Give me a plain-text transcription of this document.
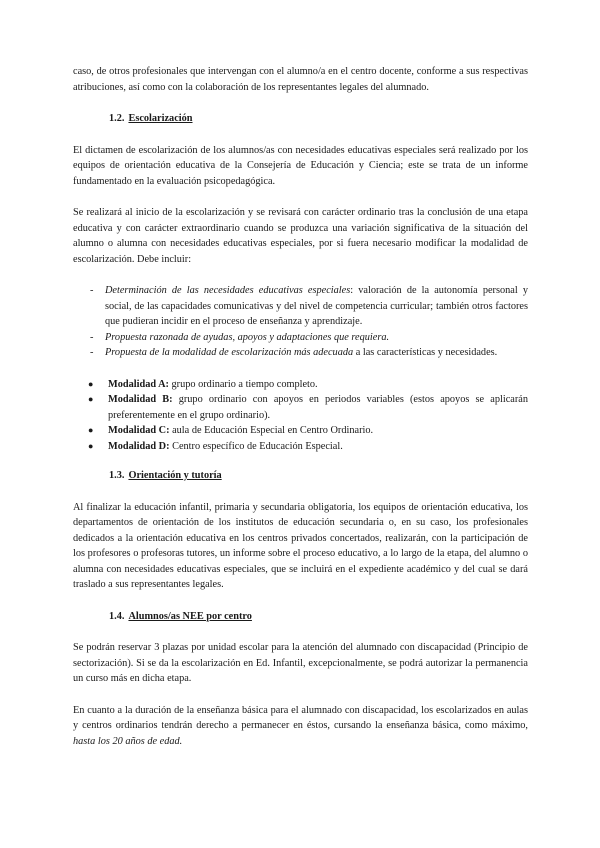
caso, de otros profesionales que intervengan con el alumno/a en el centro docente, conforme a sus respectivas atribuciones, así como con la colaboración de los representantes legales del alumnado.

1.2. Escolarización

El dictamen de escolarización de los alumnos/as con necesidades educativas especiales será realizado por los equipos de orientación educativa de la Consejería de Educación y Ciencia; este se trata de un informe fundamentado en la evaluación psicopedagógica.

Se realizará al inicio de la escolarización y se revisará con carácter ordinario tras la conclusión de una etapa educativa y con carácter extraordinario cuando se produzca una variación significativa de la situación del alumno o alumna con necesidades educativas especiales, por si fuera necesario modificar la modalidad de escolarización. Debe incluir:

- Determinación de las necesidades educativas especiales: valoración de la autonomía personal y social, de las capacidades comunicativas y del nivel de competencia curricular; también otros factores que pudieran incidir en el proceso de enseñanza y aprendizaje.
- Propuesta razonada de ayudas, apoyos y adaptaciones que requiera.
- Propuesta de la modalidad de escolarización más adecuada a las características y necesidades.
● Modalidad A: grupo ordinario a tiempo completo.
● Modalidad B: grupo ordinario con apoyos en periodos variables (estos apoyos se aplicarán preferentemente en el grupo ordinario).
● Modalidad C: aula de Educación Especial en Centro Ordinario.
● Modalidad D: Centro específico de Educación Especial.
1.3. Orientación y tutoría

Al finalizar la educación infantil, primaria y secundaria obligatoria, los equipos de orientación educativa, los departamentos de orientación de los institutos de educación secundaria o, en su caso, los profesionales dedicados a la orientación educativa en los centros privados concertados, realizarán, con la participación de los profesores o profesoras tutores, un informe sobre el proceso educativo, a lo largo de la etapa, del alumno o alumna con necesidades educativas especiales, que se incluirá en el expediente académico y del cual se dará traslado a sus representantes legales.

1.4. Alumnos/as NEE por centro

Se podrán reservar 3 plazas por unidad escolar para la atención del alumnado con discapacidad (Principio de sectorización). Si se da la escolarización en Ed. Infantil, excepcionalmente, se podrá autorizar la permanencia un curso más en dicha etapa.

En cuanto a la duración de la enseñanza básica para el alumnado con discapacidad, los escolarizados en aulas y centros ordinarios tendrán derecho a permanecer en éstos, cursando la enseñanza básica, como máximo, hasta los 20 años de edad.
